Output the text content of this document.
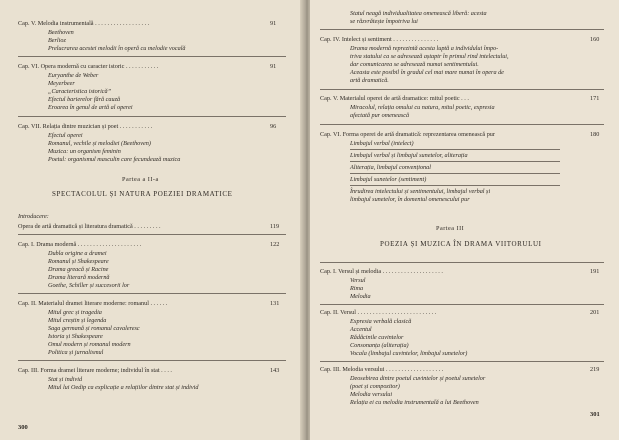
Cap. V. Melodia instrumentală . . . . . . . . . . . . . . . . . .	91
Beethoven
Berlioz
Prelucrarea acestei melodii în operă cu melodie vocală
Cap. VI. Opera modernă cu caracter istoric . . . . . . . . . . .	91
Euryanthe de Weber
Meyerbeer
„Caracteristica istorică”
Efectul barierelor fără cauză
Eroarea în genul de artă al operei
Cap. VII. Relația dintre muzician și poet . . . . . . . . . . .	96
Efectul operei
Romanul, vechile și melodiei (Beethoven)
Muzica: un organism feminin
Poetul: organismul masculin care fecundează muzica
Partea a II-a
SPECTACOLUL ȘI NATURA POEZIEI DRAMATICE
Introducere:
Opera de artă dramatică și literatura dramatică . . . . . . . . .	119
Cap. I. Drama modernă . . . . . . . . . . . . . . . . . . . . .	122
Dubla origine a dramei
Romanul și Shakespeare
Drama greacă și Racine
Drama literară modernă
Goethe, Schiller și succesorii lor
Cap. II. Materialul dramei literare moderne: romanul . . . . . .	131
Mitul grec și tragedia
Mitul creștin și legenda
Saga germană și romanul cavaleresc
Istoria și Shakespeare
Omul modern și romanul modern
Politica și jurnalismul
Cap. III. Forma dramei literare moderne; individul în stat . . . .	143
Stat și individ
Mitul lui Oedip ca explicație a relațiilor dintre stat și individ
300
Statul neagă individualitatea omenească liberă: acesta
se răzvrătește împotriva lui
Cap. IV. Intelect și sentiment . . . . . . . . . . . . . . .	160
Drama modernă reprezintă acesta luptă a individului împo-
triva statului ca se adresează aștaptr în primul rind intelectului,
dar comunicarea se adresează numai sentimentului.
Aceasta este posibil în gradul cel mai mare numai în opera de
artă dramatică.
Cap. V. Materialul operei de artă dramatice: mitul poetic . . .	171
Miracolul, relația omului cu natura, mitul poetic, expresia
afectată pur omenească
Cap. VI. Forma operei de artă dramatică: reprezentarea omenească pur	180
Limbajul verbal (intelect)
Limbajul verbal și limbajul sunetelor, aliterația
Aliterația, limbajul convențional
Limbajul sunetelor (sentiment)
Înrudirea intelectului și sentimentului, limbajul verbal și
limbajul sunetelor, în domeniul omenescului pur
Partea III
POEZIA ȘI MUZICA ÎN DRAMA VIITORULUI
Cap. I. Versul și melodia . . . . . . . . . . . . . . . . . . . .	191
Versul
Rima
Melodia
Cap. II. Versul . . . . . . . . . . . . . . . . . . . . . . . . . .	201
Expresia verbală clasică
Accentul
Rădăcinile cuvintelor
Consonanța (aliterația)
Vocala (limbajul cuvintelor, limbajul sunetelor)
Cap. III. Melodia versului . . . . . . . . . . . . . . . . . . .	219
Deosebirea dintre poetul cuvintelor și poetul sunetelor
(poet și compozitor)
Melodia versului
Relația ei cu melodia instrumentală a lui Beethoven
301
